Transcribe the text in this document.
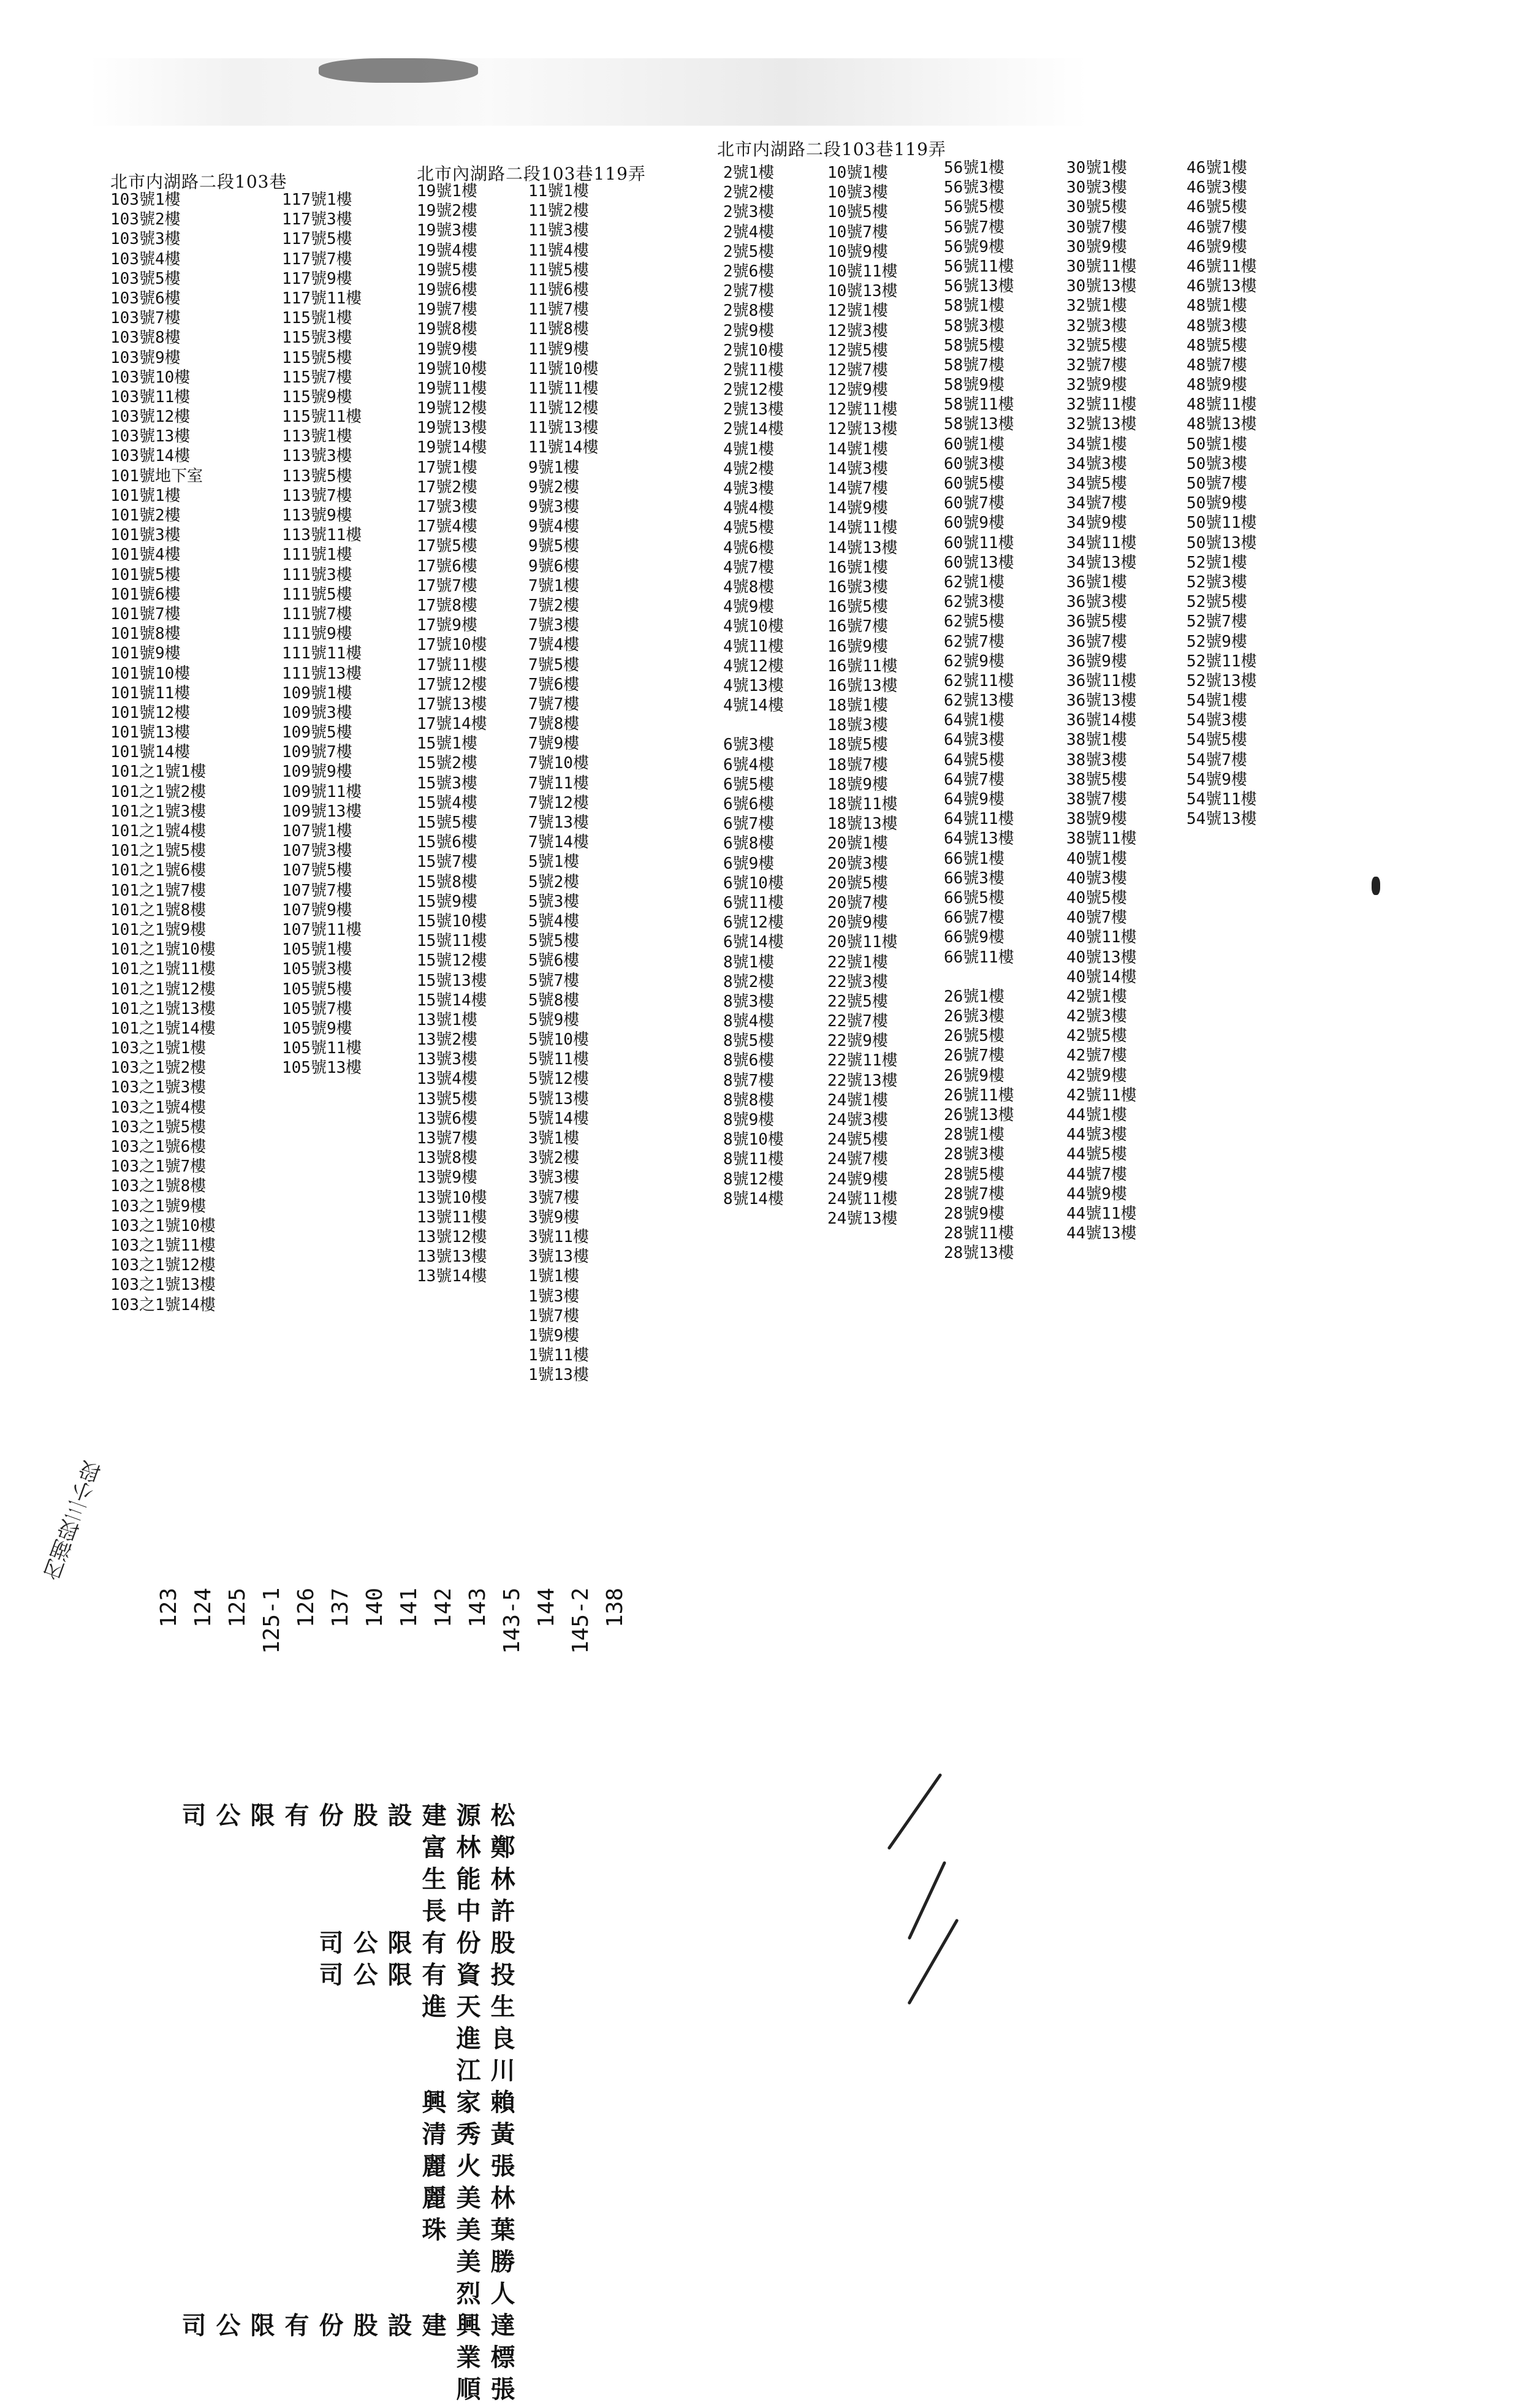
北市内湖路二段103巷	北市內湖路二段103巷119弄
北市内湖路二段103巷119弄
103號1樓
103號2樓
103號3樓
103號4樓
103號5樓
103號6樓
103號7樓
103號8樓
103號9樓
103號10樓
103號11樓
103號12樓
103號13樓
103號14樓
101號地下室
101號1樓
101號2樓
101號3樓
101號4樓
101號5樓
101號6樓
101號7樓
101號8樓
101號9樓
101號10樓
101號11樓
101號12樓
101號13樓
101號14樓
101之1號1樓
101之1號2樓
101之1號3樓
101之1號4樓
101之1號5樓
101之1號6樓
101之1號7樓
101之1號8樓
101之1號9樓
101之1號10樓
101之1號11樓
101之1號12樓
101之1號13樓
101之1號14樓
103之1號1樓
103之1號2樓
103之1號3樓
103之1號4樓
103之1號5樓
103之1號6樓
103之1號7樓
103之1號8樓
103之1號9樓
103之1號10樓
103之1號11樓
103之1號12樓
103之1號13樓
103之1號14樓
117號1樓
117號3樓
117號5樓
117號7樓
117號9樓
117號11樓
115號1樓
115號3樓
115號5樓
115號7樓
115號9樓
115號11樓
113號1樓
113號3樓
113號5樓
113號7樓
113號9樓
113號11樓
111號1樓
111號3樓
111號5樓
111號7樓
111號9樓
111號11樓
111號13樓
109號1樓
109號3樓
109號5樓
109號7樓
109號9樓
109號11樓
109號13樓
107號1樓
107號3樓
107號5樓
107號7樓
107號9樓
107號11樓
105號1樓
105號3樓
105號5樓
105號7樓
105號9樓
105號11樓
105號13樓
19號1樓
19號2樓
19號3樓
19號4樓
19號5樓
19號6樓
19號7樓
19號8樓
19號9樓
19號10樓
19號11樓
19號12樓
19號13樓
19號14樓
17號1樓
17號2樓
17號3樓
17號4樓
17號5樓
17號6樓
17號7樓
17號8樓
17號9樓
17號10樓
17號11樓
17號12樓
17號13樓
17號14樓
15號1樓
15號2樓
15號3樓
15號4樓
15號5樓
15號6樓
15號7樓
15號8樓
15號9樓
15號10樓
15號11樓
15號12樓
15號13樓
15號14樓
13號1樓
13號2樓
13號3樓
13號4樓
13號5樓
13號6樓
13號7樓
13號8樓
13號9樓
13號10樓
13號11樓
13號12樓
13號13樓
13號14樓
11號1樓
11號2樓
11號3樓
11號4樓
11號5樓
11號6樓
11號7樓
11號8樓
11號9樓
11號10樓
11號11樓
11號12樓
11號13樓
11號14樓
9號1樓
9號2樓
9號3樓
9號4樓
9號5樓
9號6樓
7號1樓
7號2樓
7號3樓
7號4樓
7號5樓
7號6樓
7號7樓
7號8樓
7號9樓
7號10樓
7號11樓
7號12樓
7號13樓
7號14樓
5號1樓
5號2樓
5號3樓
5號4樓
5號5樓
5號6樓
5號7樓
5號8樓
5號9樓
5號10樓
5號11樓
5號12樓
5號13樓
5號14樓
3號1樓
3號2樓
3號3樓
3號7樓
3號9樓
3號11樓
3號13樓
1號1樓
1號3樓
1號7樓
1號9樓
1號11樓
1號13樓
2號1樓
2號2樓
2號3樓
2號4樓
2號5樓
2號6樓
2號7樓
2號8樓
2號9樓
2號10樓
2號11樓
2號12樓
2號13樓
2號14樓
4號1樓
4號2樓
4號3樓
4號4樓
4號5樓
4號6樓
4號7樓
4號8樓
4號9樓
4號10樓
4號11樓
4號12樓
4號13樓
4號14樓
6號3樓
6號4樓
6號5樓
6號6樓
6號7樓
6號8樓
6號9樓
6號10樓
6號11樓
6號12樓
6號14樓
8號1樓
8號2樓
8號3樓
8號4樓
8號5樓
8號6樓
8號7樓
8號8樓
8號9樓
8號10樓
8號11樓
8號12樓
8號14樓
10號1樓
10號3樓
10號5樓
10號7樓
10號9樓
10號11樓
10號13樓
12號1樓
12號3樓
12號5樓
12號7樓
12號9樓
12號11樓
12號13樓
14號1樓
14號3樓
14號7樓
14號9樓
14號11樓
14號13樓
16號1樓
16號3樓
16號5樓
16號7樓
16號9樓
16號11樓
16號13樓
18號1樓
18號3樓
18號5樓
18號7樓
18號9樓
18號11樓
18號13樓
20號1樓
20號3樓
20號5樓
20號7樓
20號9樓
20號11樓
22號1樓
22號3樓
22號5樓
22號7樓
22號9樓
22號11樓
22號13樓
24號1樓
24號3樓
24號5樓
24號7樓
24號9樓
24號11樓
24號13樓
56號1樓
56號3樓
56號5樓
56號7樓
56號9樓
56號11樓
56號13樓
58號1樓
58號3樓
58號5樓
58號7樓
58號9樓
58號11樓
58號13樓
60號1樓
60號3樓
60號5樓
60號7樓
60號9樓
60號11樓
60號13樓
62號1樓
62號3樓
62號5樓
62號7樓
62號9樓
62號11樓
62號13樓
64號1樓
64號3樓
64號5樓
64號7樓
64號9樓
64號11樓
64號13樓
66號1樓
66號3樓
66號5樓
66號7樓
66號9樓
66號11樓
26號1樓
26號3樓
26號5樓
26號7樓
26號9樓
26號11樓
26號13樓
28號1樓
28號3樓
28號5樓
28號7樓
28號9樓
28號11樓
28號13樓
30號1樓
30號3樓
30號5樓
30號7樓
30號9樓
30號11樓
30號13樓
32號1樓
32號3樓
32號5樓
32號7樓
32號9樓
32號11樓
32號13樓
34號1樓
34號3樓
34號5樓
34號7樓
34號9樓
34號11樓
34號13樓
36號1樓
36號3樓
36號5樓
36號7樓
36號9樓
36號11樓
36號13樓
36號14樓
38號1樓
38號3樓
38號5樓
38號7樓
38號9樓
38號11樓
40號1樓
40號3樓
40號5樓
40號7樓
40號11樓
40號13樓
40號14樓
42號1樓
42號3樓
42號5樓
42號7樓
42號9樓
42號11樓
44號1樓
44號3樓
44號5樓
44號7樓
44號9樓
44號11樓
44號13樓
46號1樓
46號3樓
46號5樓
46號7樓
46號9樓
46號11樓
46號13樓
48號1樓
48號3樓
48號5樓
48號7樓
48號9樓
48號11樓
48號13樓
50號1樓
50號3樓
50號7樓
50號9樓
50號11樓
50號13樓
52號1樓
52號3樓
52號5樓
52號7樓
52號9樓
52號11樓
52號13樓
54號1樓
54號3樓
54號5樓
54號7樓
54號9樓
54號11樓
54號13樓
內湖段三小段
123 124 125 125-1 126 137 140 141 142 143 143-5 144 145-2 138
松源建設股份有限公司
鄭林富
林能生
許中長
股份有限公司
投資有限公司
生天進
良進
川江
賴家興
黃秀清
張火麗
林美麗
葉美珠
勝美
人烈
達興建設股份有限公司
標業
張順
